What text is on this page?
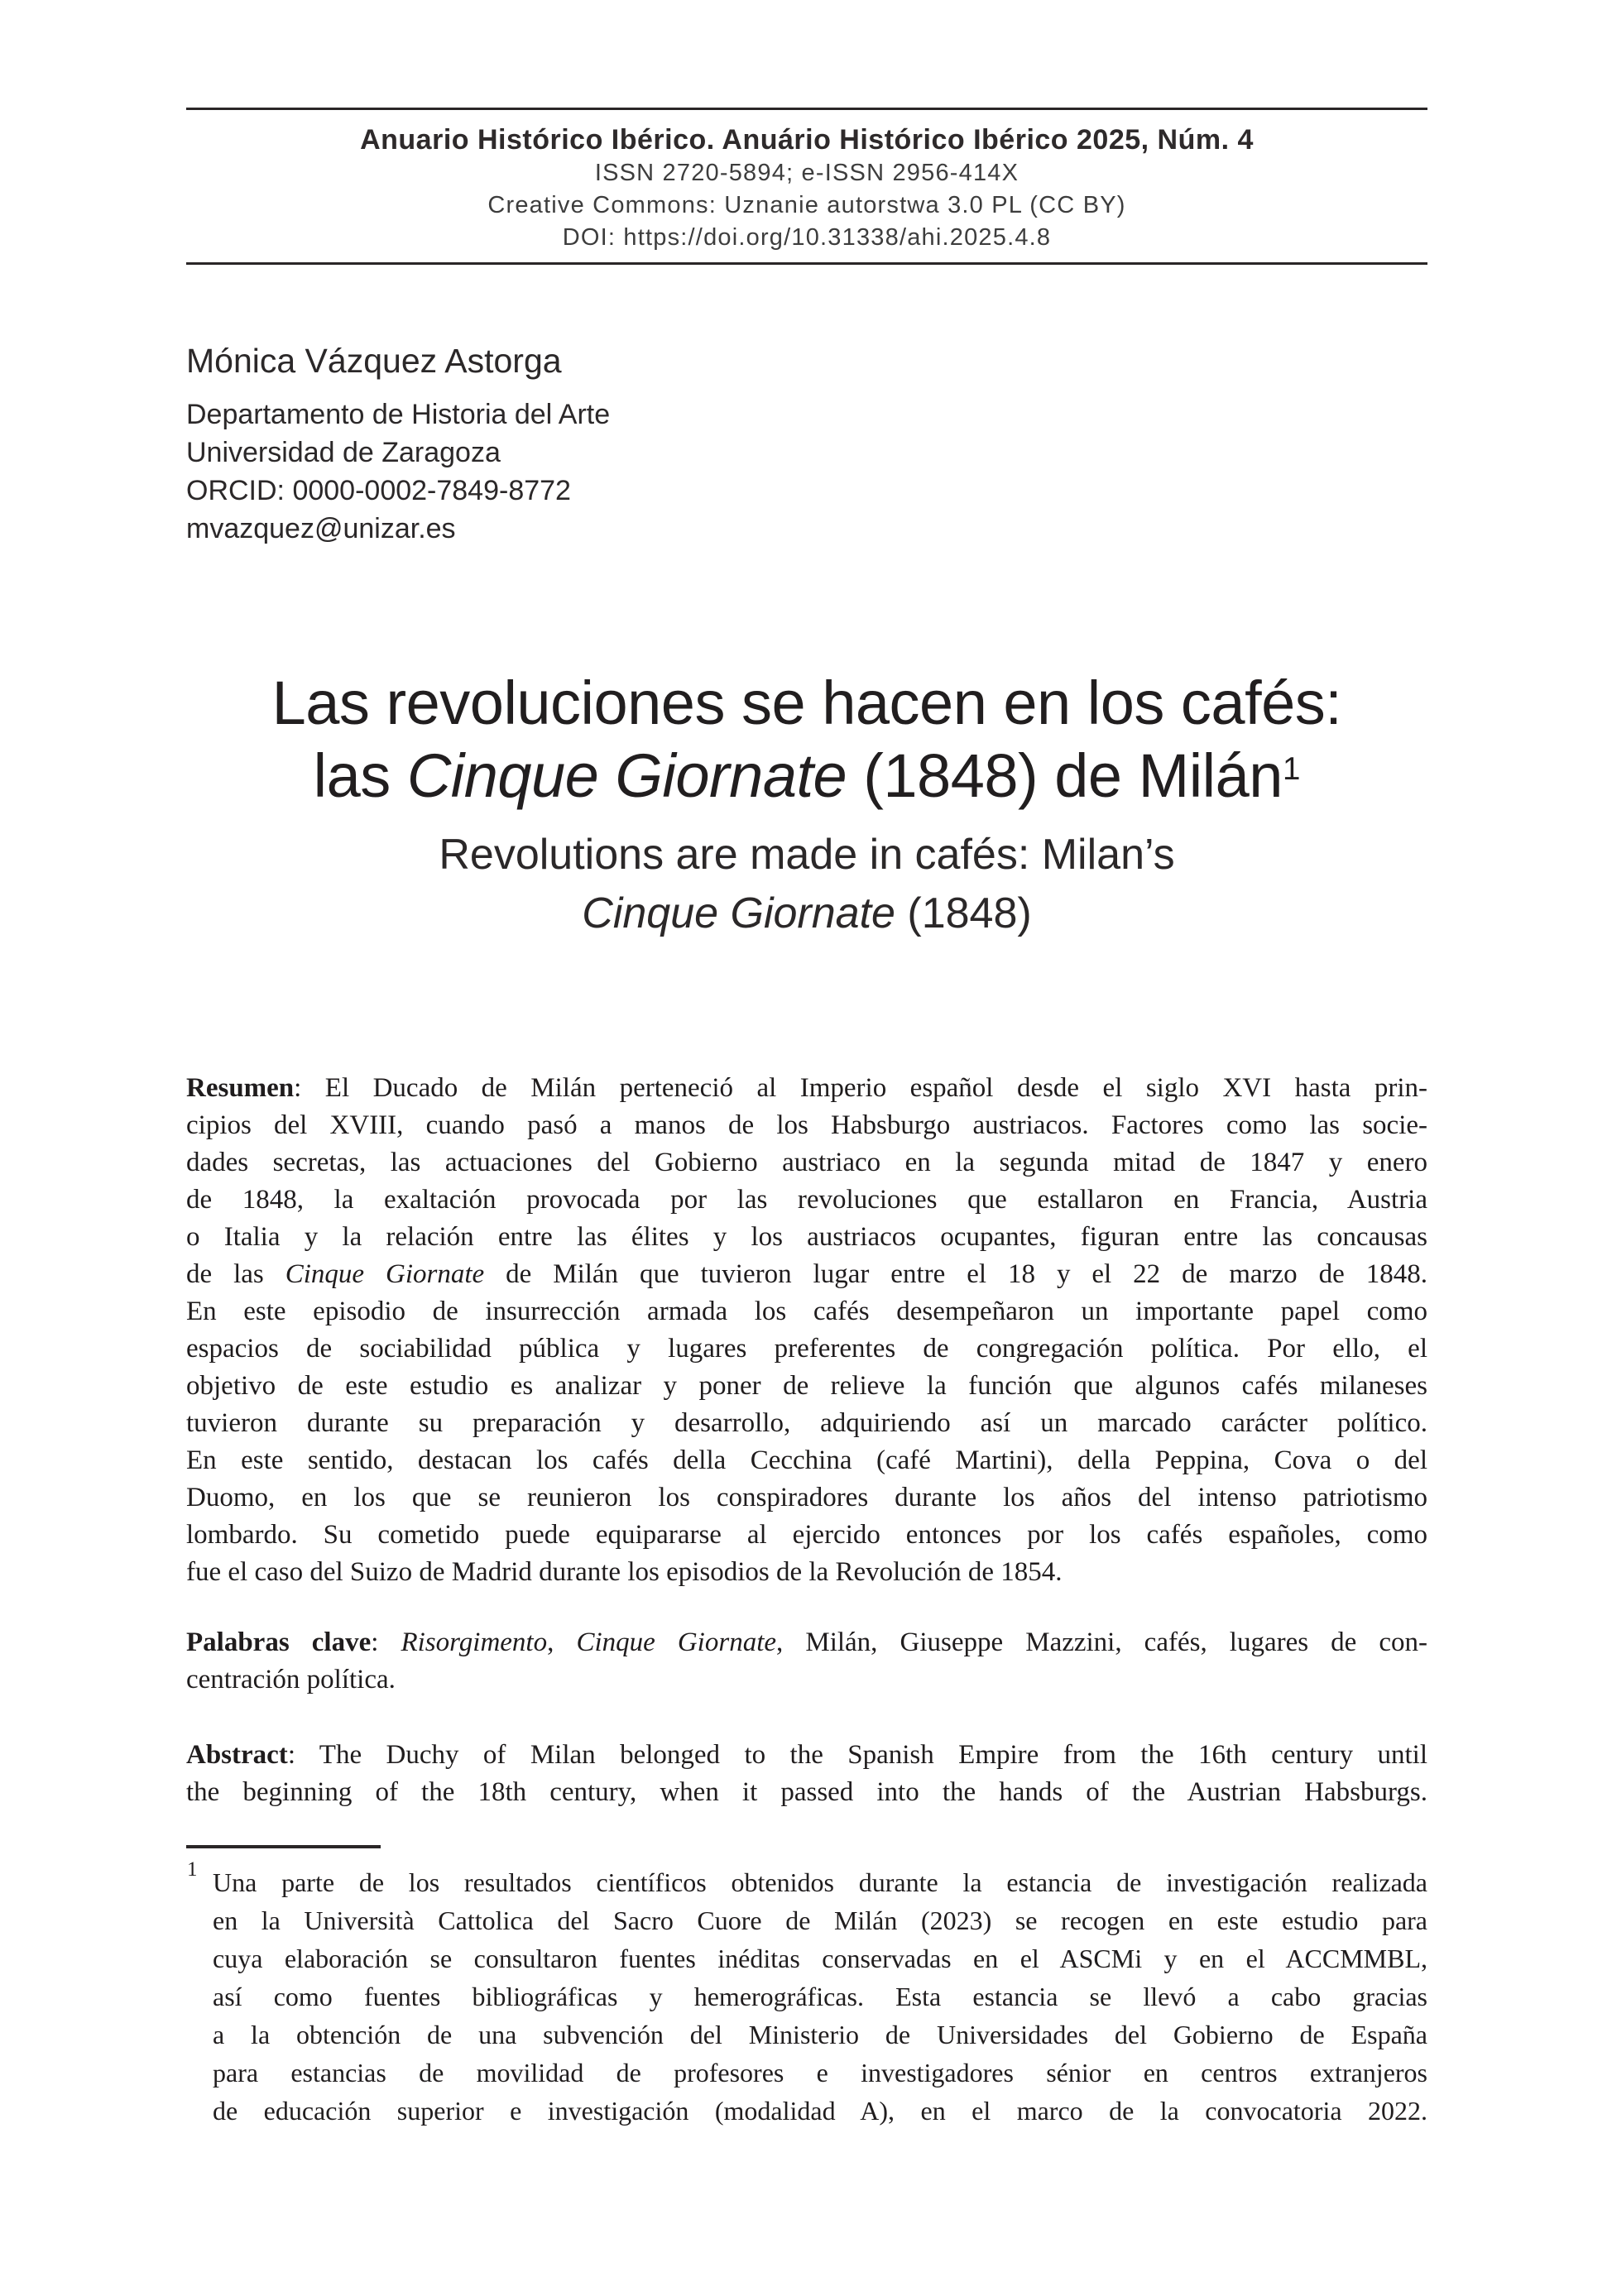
Anuario Histórico Ibérico. Anuário Histórico Ibérico 2025, Núm. 4
ISSN 2720-5894; e-ISSN 2956-414X
Creative Commons: Uznanie autorstwa 3.0 PL (CC BY)
DOI: https://doi.org/10.31338/ahi.2025.4.8
Mónica Vázquez Astorga
Departamento de Historia del Arte
Universidad de Zaragoza
ORCID: 0000-0002-7849-8772
mvazquez@unizar.es
Las revoluciones se hacen en los cafés:
las Cinque Giornate (1848) de Milán$^1$
Revolutions are made in cafés: Milan’s
Cinque Giornate (1848)
Resumen: El Ducado de Milán perteneció al Imperio español desde el siglo XVI hasta prin-
cipios del XVIII, cuando pasó a manos de los Habsburgo austriacos. Factores como las socie-
dades secretas, las actuaciones del Gobierno austriaco en la segunda mitad de 1847 y enero
de 1848, la exaltación provocada por las revoluciones que estallaron en Francia, Austria
o Italia y la relación entre las élites y los austriacos ocupantes, figuran entre las concausas
de las Cinque Giornate de Milán que tuvieron lugar entre el 18 y el 22 de marzo de 1848.
En este episodio de insurrección armada los cafés desempeñaron un importante papel como
espacios de sociabilidad pública y lugares preferentes de congregación política. Por ello, el
objetivo de este estudio es analizar y poner de relieve la función que algunos cafés milaneses
tuvieron durante su preparación y desarrollo, adquiriendo así un marcado carácter político.
En este sentido, destacan los cafés della Cecchina (café Martini), della Peppina, Cova o del
Duomo, en los que se reunieron los conspiradores durante los años del intenso patriotismo
lombardo. Su cometido puede equipararse al ejercido entonces por los cafés españoles, como
fue el caso del Suizo de Madrid durante los episodios de la Revolución de 1854.
Palabras clave: Risorgimento, Cinque Giornate, Milán, Giuseppe Mazzini, cafés, lugares de con-
centración política.
Abstract: The Duchy of Milan belonged to the Spanish Empire from the 16th century until
the beginning of the 18th century, when it passed into the hands of the Austrian Habsburgs.
1 Una parte de los resultados científicos obtenidos durante la estancia de investigación realizada
en la Università Cattolica del Sacro Cuore de Milán (2023) se recogen en este estudio para
cuya elaboración se consultaron fuentes inéditas conservadas en el ASCMi y en el ACCMMBL,
así como fuentes bibliográficas y hemerográficas. Esta estancia se llevó a cabo gracias
a la obtención de una subvención del Ministerio de Universidades del Gobierno de España
para estancias de movilidad de profesores e investigadores sénior en centros extranjeros
de educación superior e investigación (modalidad A), en el marco de la convocatoria 2022.
